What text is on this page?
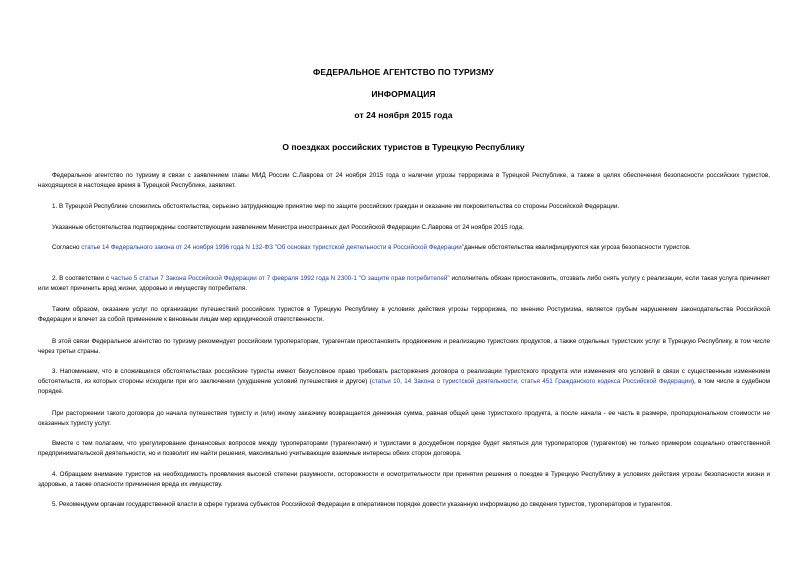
ФЕДЕРАЛЬНОЕ АГЕНТСТВО ПО ТУРИЗМУ
ИНФОРМАЦИЯ
от 24 ноября 2015 года
О поездках российских туристов в Турецкую Республику
Федеральное агентство по туризму в связи с заявлением главы МИД России С.Лаврова от 24 ноября 2015 года о наличии угрозы терроризма в Турецкой Республике, а также в целях обеспечения безопасности российских туристов, находящихся в настоящее время в Турецкой Республике, заявляет.
1. В Турецкой Республике сложились обстоятельства, серьезно затрудняющие принятие мер по защите российских граждан и оказание им покровительства со стороны Российской Федерации.
Указанные обстоятельства подтверждены соответствующим заявлением Министра иностранных дел Российской Федерации С.Лаврова от 24 ноября 2015 года.
Согласно статье 14 Федерального закона от 24 ноября 1996 года N 132-ФЗ "Об основах туристской деятельности в Российской Федерации"данные обстоятельства квалифицируются как угроза безопасности туристов.
2. В соответствии с частью 5 статьи 7 Закона Российской Федерации от 7 февраля 1992 года N 2300-1 "О защите прав потребителей" исполнитель обязан приостановить, отозвать либо снять услугу с реализации, если такая услуга причиняет или может причинить вред жизни, здоровью и имуществу потребителя.
Таким образом, оказание услуг по организации путешествий российских туристов в Турецкую Республику в условиях действия угрозы терроризма, по мнению Ростуризма, является грубым нарушением законодательства Российской Федерации и влечет за собой применение к виновным лицам мер юридической ответственности.
В этой связи Федеральное агентство по туризму рекомендует российским туроператорам, турагентам приостановить продвижение и реализацию туристских продуктов, а также отдельных туристских услуг в Турецкую Республику, в том числе через третьи страны.
3. Напоминаем, что в сложившихся обстоятельствах российские туристы имеют безусловное право требовать расторжения договора о реализации туристского продукта или изменения его условий в связи с существенным изменением обстоятельств, из которых стороны исходили при его заключении (ухудшение условий путешествия и другое) (статьи 10, 14 Закона о туристской деятельности, статья 451 Гражданского кодекса Российской Федерации), в том числе в судебном порядке.
При расторжении такого договора до начала путешествия туристу и (или) иному заказчику возвращается денежная сумма, равная общей цене туристского продукта, а после начала - ее часть в размере, пропорциональном стоимости не оказанных туристу услуг.
Вместе с тем полагаем, что урегулирование финансовых вопросов между туроператорами (турагентами) и туристами в досудебном порядке будет являться для туроператоров (турагентов) не только примером социально ответственной предпринимательской деятельности, но и позволит им найти решения, максимально учитывающие взаимные интересы обеих сторон договора.
4. Обращаем внимание туристов на необходимость проявления высокой степени разумности, осторожности и осмотрительности при принятии решения о поездке в Турецкую Республику в условиях действия угрозы безопасности жизни и здоровью, а также опасности причинения вреда их имуществу.
5. Рекомендуем органам государственной власти в сфере туризма субъектов Российской Федерации в оперативном порядке довести указанную информацию до сведения туристов, туроператоров и турагентов.
